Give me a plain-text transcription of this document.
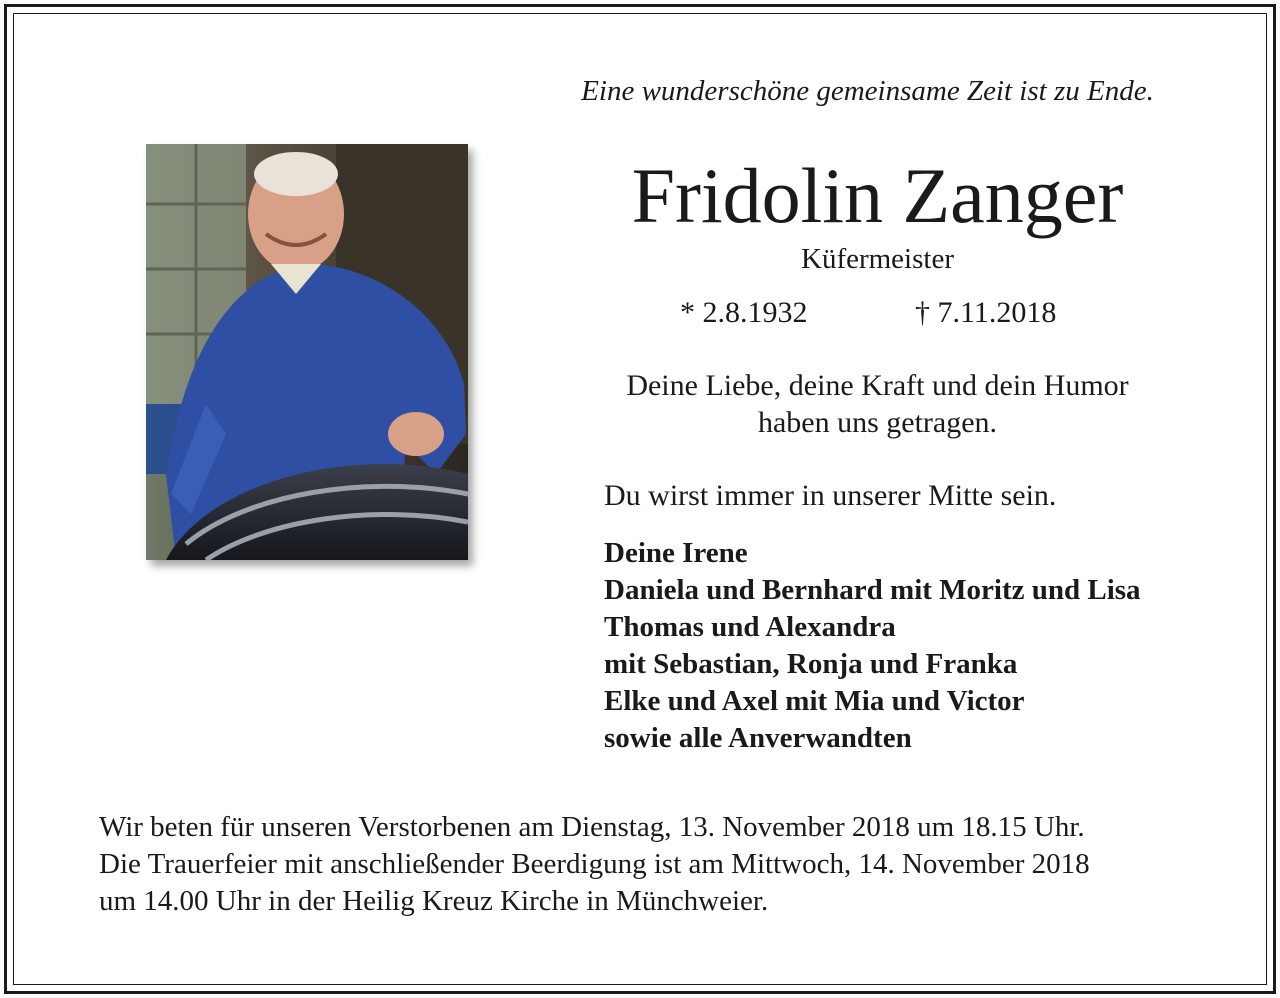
Eine wunderschöne gemeinsame Zeit ist zu Ende.
Fridolin Zanger
Küfermeister
* 2.8.1932	† 7.11.2018
Deine Liebe, deine Kraft und dein Humor
haben uns getragen.
Du wirst immer in unserer Mitte sein.
Deine Irene
Daniela und Bernhard mit Moritz und Lisa
Thomas und Alexandra
mit Sebastian, Ronja und Franka
Elke und Axel mit Mia und Victor
sowie alle Anverwandten
Wir beten für unseren Verstorbenen am Dienstag, 13. November 2018 um 18.15 Uhr.
Die Trauerfeier mit anschließender Beerdigung ist am Mittwoch, 14. November 2018
um 14.00 Uhr in der Heilig Kreuz Kirche in Münchweier.
